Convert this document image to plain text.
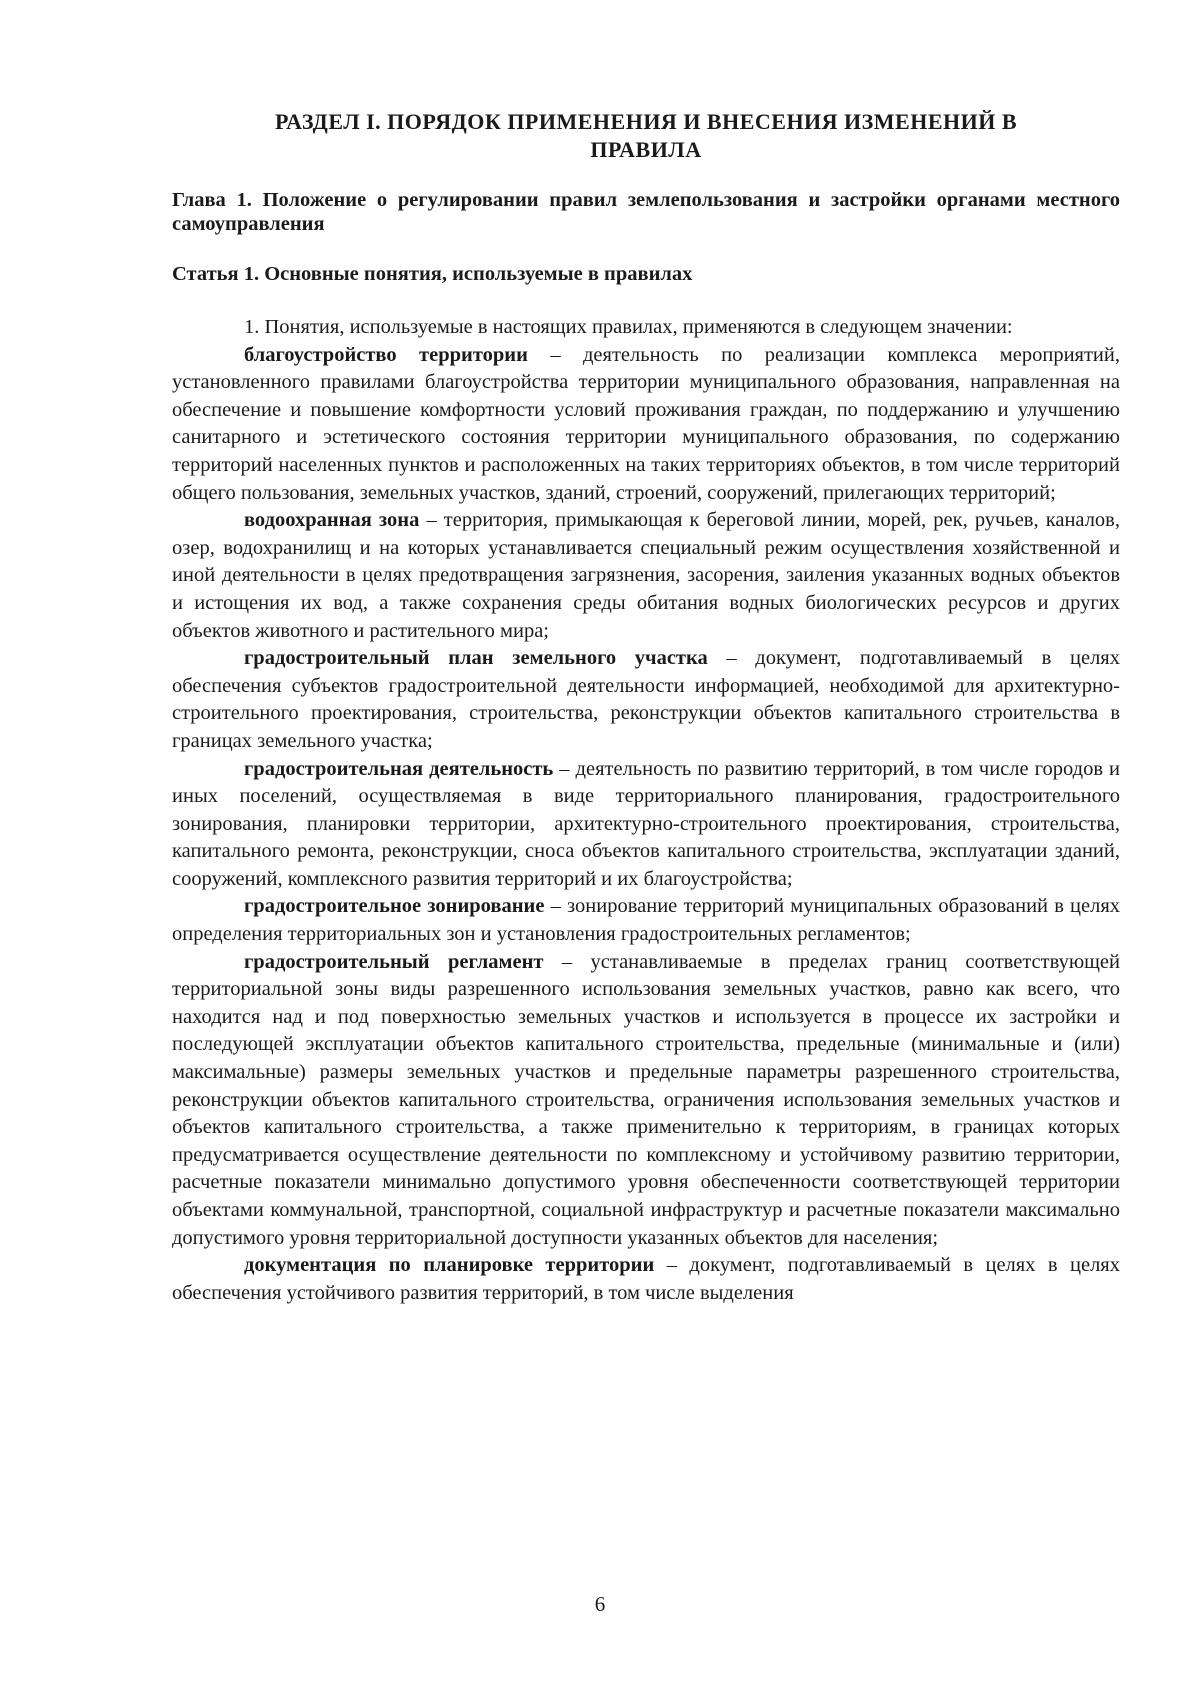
РАЗДЕЛ I. ПОРЯДОК ПРИМЕНЕНИЯ И ВНЕСЕНИЯ ИЗМЕНЕНИЙ В
ПРАВИЛА
Глава 1. Положение о регулировании правил землепользования и застройки органами местного самоуправления
Статья 1. Основные понятия, используемые в правилах

1. Понятия, используемые в настоящих правилах, применяются в следующем значении:

благоустройство территории – деятельность по реализации комплекса мероприятий, установленного правилами благоустройства территории муниципального образования, направленная на обеспечение и повышение комфортности условий проживания граждан, по поддержанию и улучшению санитарного и эстетического состояния территории муниципального образования, по содержанию территорий населенных пунктов и расположенных на таких территориях объектов, в том числе территорий общего пользования, земельных участков, зданий, строений, сооружений, прилегающих территорий;

водоохранная зона – территория, примыкающая к береговой линии, морей, рек, ручьев, каналов, озер, водохранилищ и на которых устанавливается специальный режим осуществления хозяйственной и иной деятельности в целях предотвращения загрязнения, засорения, заиления указанных водных объектов и истощения их вод, а также сохранения среды обитания водных биологических ресурсов и других объектов животного и растительного мира;

градостроительный план земельного участка – документ, подготавливаемый в целях обеспечения субъектов градостроительной деятельности информацией, необходимой для архитектурно-строительного проектирования, строительства, реконструкции объектов капитального строительства в границах земельного участка;

градостроительная деятельность – деятельность по развитию территорий, в том числе городов и иных поселений, осуществляемая в виде территориального планирования, градостроительного зонирования, планировки территории, архитектурно-строительного проектирования, строительства, капитального ремонта, реконструкции, сноса объектов капитального строительства, эксплуатации зданий, сооружений, комплексного развития территорий и их благоустройства;

градостроительное зонирование – зонирование территорий муниципальных образований в целях определения территориальных зон и установления градостроительных регламентов;

градостроительный регламент – устанавливаемые в пределах границ соответствующей территориальной зоны виды разрешенного использования земельных участков, равно как всего, что находится над и под поверхностью земельных участков и используется в процессе их застройки и последующей эксплуатации объектов капитального строительства, предельные (минимальные и (или) максимальные) размеры земельных участков и предельные параметры разрешенного строительства, реконструкции объектов капитального строительства, ограничения использования земельных участков и объектов капитального строительства, а также применительно к территориям, в границах которых предусматривается осуществление деятельности по комплексному и устойчивому развитию территории, расчетные показатели минимально допустимого уровня обеспеченности соответствующей территории объектами коммунальной, транспортной, социальной инфраструктур и расчетные показатели максимально допустимого уровня территориальной доступности указанных объектов для населения;

документация по планировке территории – документ, подготавливаемый в целях в целях обеспечения устойчивого развития территорий, в том числе выделения

6
